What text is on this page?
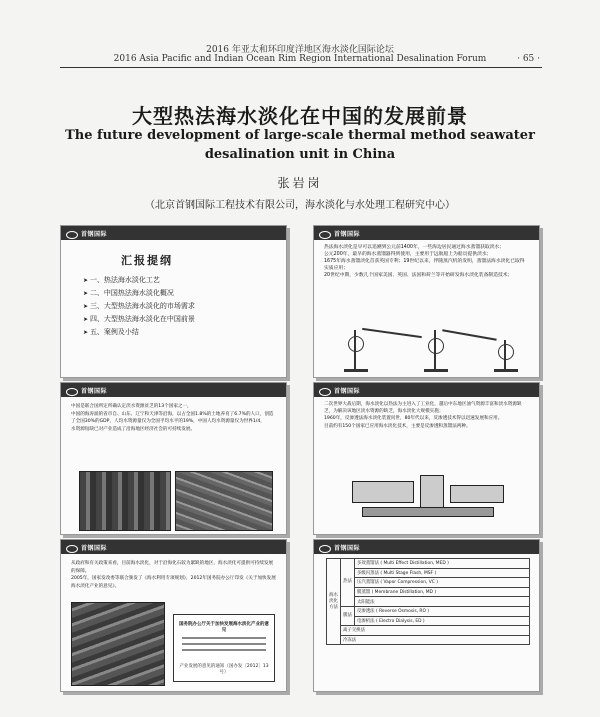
2016 年亚太和环印度洋地区海水淡化国际论坛
2016 Asia Pacific and Indian Ocean Rim Region International Desalination Forum	· 65 ·
大型热法海水淡化在中国的发展前景
The future development of large-scale thermal method seawater desalination unit in China
张岩岗
（北京首钢国际工程技术有限公司，海水淡化与水处理工程研究中心）
首钢国际
汇报提纲
➤ 一、热法海水淡化工艺
➤ 二、中国热法海水淡化概况
➤ 三、大型热法海水淡化的市场需求
➤ 四、大型热法海水淡化在中国前景
➤ 五、案例及小结
首钢国际
热法海水淡化是早可以追溯到公元前1400年，一些海边居民通过海水蒸馏获取淡水；
公元200年，最早的海水蒸馏器得到使用，主要用于远航船上为船员提供淡水；
1675年海水蒸馏淡化首获英国专利；19世纪以来，伴随蒸汽机的发明，蒸馏法海水淡化已取得实质应用；
20世纪中期，少数几个国家美国、英国、法国和荷兰等开始研发海水淡化装备制造技术；
首钢国际
中国是联合国所定所确认定淡水资源贫乏的13个国家之一，
中国的海涛涌的省市自、山东、辽宁和天津等沿海，以占全国1.8%的土地养育了6.7%的人口，创造了全国30%的GDP，人均水资源量仅为全国平均水平的19%，中国人均水资源量仅为世界1/4，
水资源短缺已对产业造成了沿海地区经济社会的可持续发展。
首钢国际
二次世界大战后期，海水淡化以热法为主进入了工业化，越后中东地区油气资源丰富和淡水资源缺乏，为解决该地区淡水资源的缺乏，海水淡化大规模实施；
1960年，反渗透法海水淡化装置问世，80年代以来，反渗透技术得以迅速发展和应用。
目前约有150个国家已应用海水淡化技术，主要是反渗透和蒸馏法两种。
首钢国际
从政府和有关政策来看，目前海水淡化，对于沿海化石较为紧缺的地区，海水淡化可提供可持续发展的保障。
2005年，国家发改委等联合颁发了《海水利用专项规划》，2012年国务院办公厅印发《关于加快发展海水淡化产业的意见》。
国务院办公厅关于加快发展海水淡化产业的意见
产业发展的意见的通知（国办发〔2012〕13号）
首钢国际
海水淡化方法	热法	多效蒸馏法 ( Multi Effect Distillation, MED )
		多级闪蒸法 ( Multi Stage Flash, MSF )
		压汽蒸馏法 ( Vapor Compression, VC )
		膜蒸馏 ( Membrane Distillation, MD )
		太阳能法
	膜法	反渗透法 ( Reverse Osmosis, RO )
		电渗析法 ( Electro Dialysis, ED )
	离子交换法	
	冷冻法	
